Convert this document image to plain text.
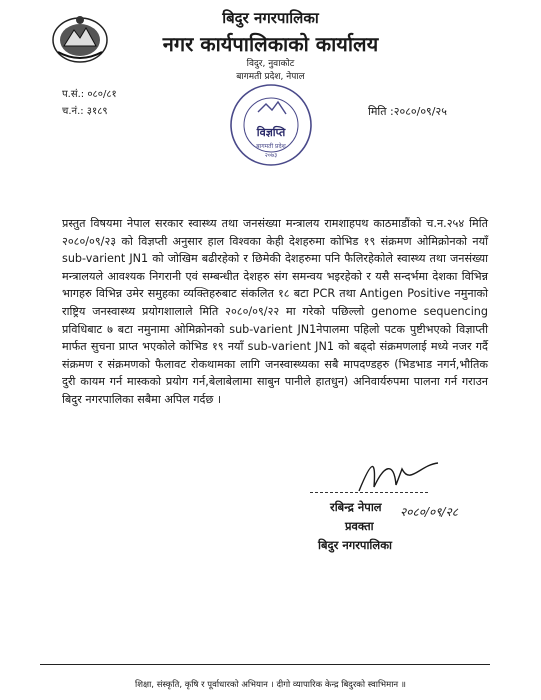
बिदुर नगरपालिका
नगर कार्यपालिकाको कार्यालय
विदुर, नुवाकोट
बागमती प्रदेश, नेपाल
प.सं.: ०८०/८१
च.नं.: ३१८९	मिति :२०८०/०९/२५
विज्ञप्ति
बागमती प्रदेश
२०७३
प्रस्तुत विषयमा नेपाल सरकार स्वास्थ्य तथा जनसंख्या मन्त्रालय रामशाहपथ काठमाडौंको च.न.२५४ मिति २०८०/०९/२३ को विज्ञप्ती अनुसार हाल विश्वका केही देशहरुमा कोभिड १९ संक्रमण ओमिक्रोनको नयाँ sub-varient JN1 को जोखिम बढीरहेको र छिमेकी देशहरुमा पनि फैलिरहेकोले स्वास्थ्य तथा जनसंख्या मन्त्रालयले आवश्यक निगरानी एवं सम्बन्धीत देशहरु संग समन्वय भइरहेको र यसै सन्दर्भमा देशका विभिन्न भागहरु विभिन्न उमेर समुहका व्यक्तिहरुबाट संकलित १८ बटा PCR तथा Antigen Positive नमुनाको राष्ट्रिय जनस्वास्थ्य प्रयोगशालाले मिति २०८०/०९/२२ मा गरेको पछिल्लो genome sequencing प्रविधिबाट ७ बटा नमुनामा ओमिक्रोनको sub-varient JN1नेपालमा पहिलो पटक पुष्टीभएको विज्ञाप्ती मार्फत सुचना प्राप्त भएकोले कोभिड १९ नयाँ sub-varient JN1 को बढ्दो संक्रमणलाई मध्ये नजर गर्दै संक्रमण र संक्रमणको फैलावट रोकथामका लागि जनस्वास्थ्यका सबै मापदण्डहरु (भिडभाड नगर्न,भौतिक दुरी कायम गर्न मास्कको प्रयोग गर्न,बेलाबेलामा साबुन पानीले हातधुन) अनिवार्यरुपमा पालना गर्न गराउन बिदुर नगरपालिका सबैमा अपिल गर्दछ ।
रबिन्द्र नेपाल २०८०/०९/२८
प्रवक्ता
बिदुर नगरपालिका
शिक्षा, संस्कृति, कृषि र पूर्वाधारको अभियान । दीगो व्यापारिक केन्द्र बिदुरको स्वाभिमान ॥
